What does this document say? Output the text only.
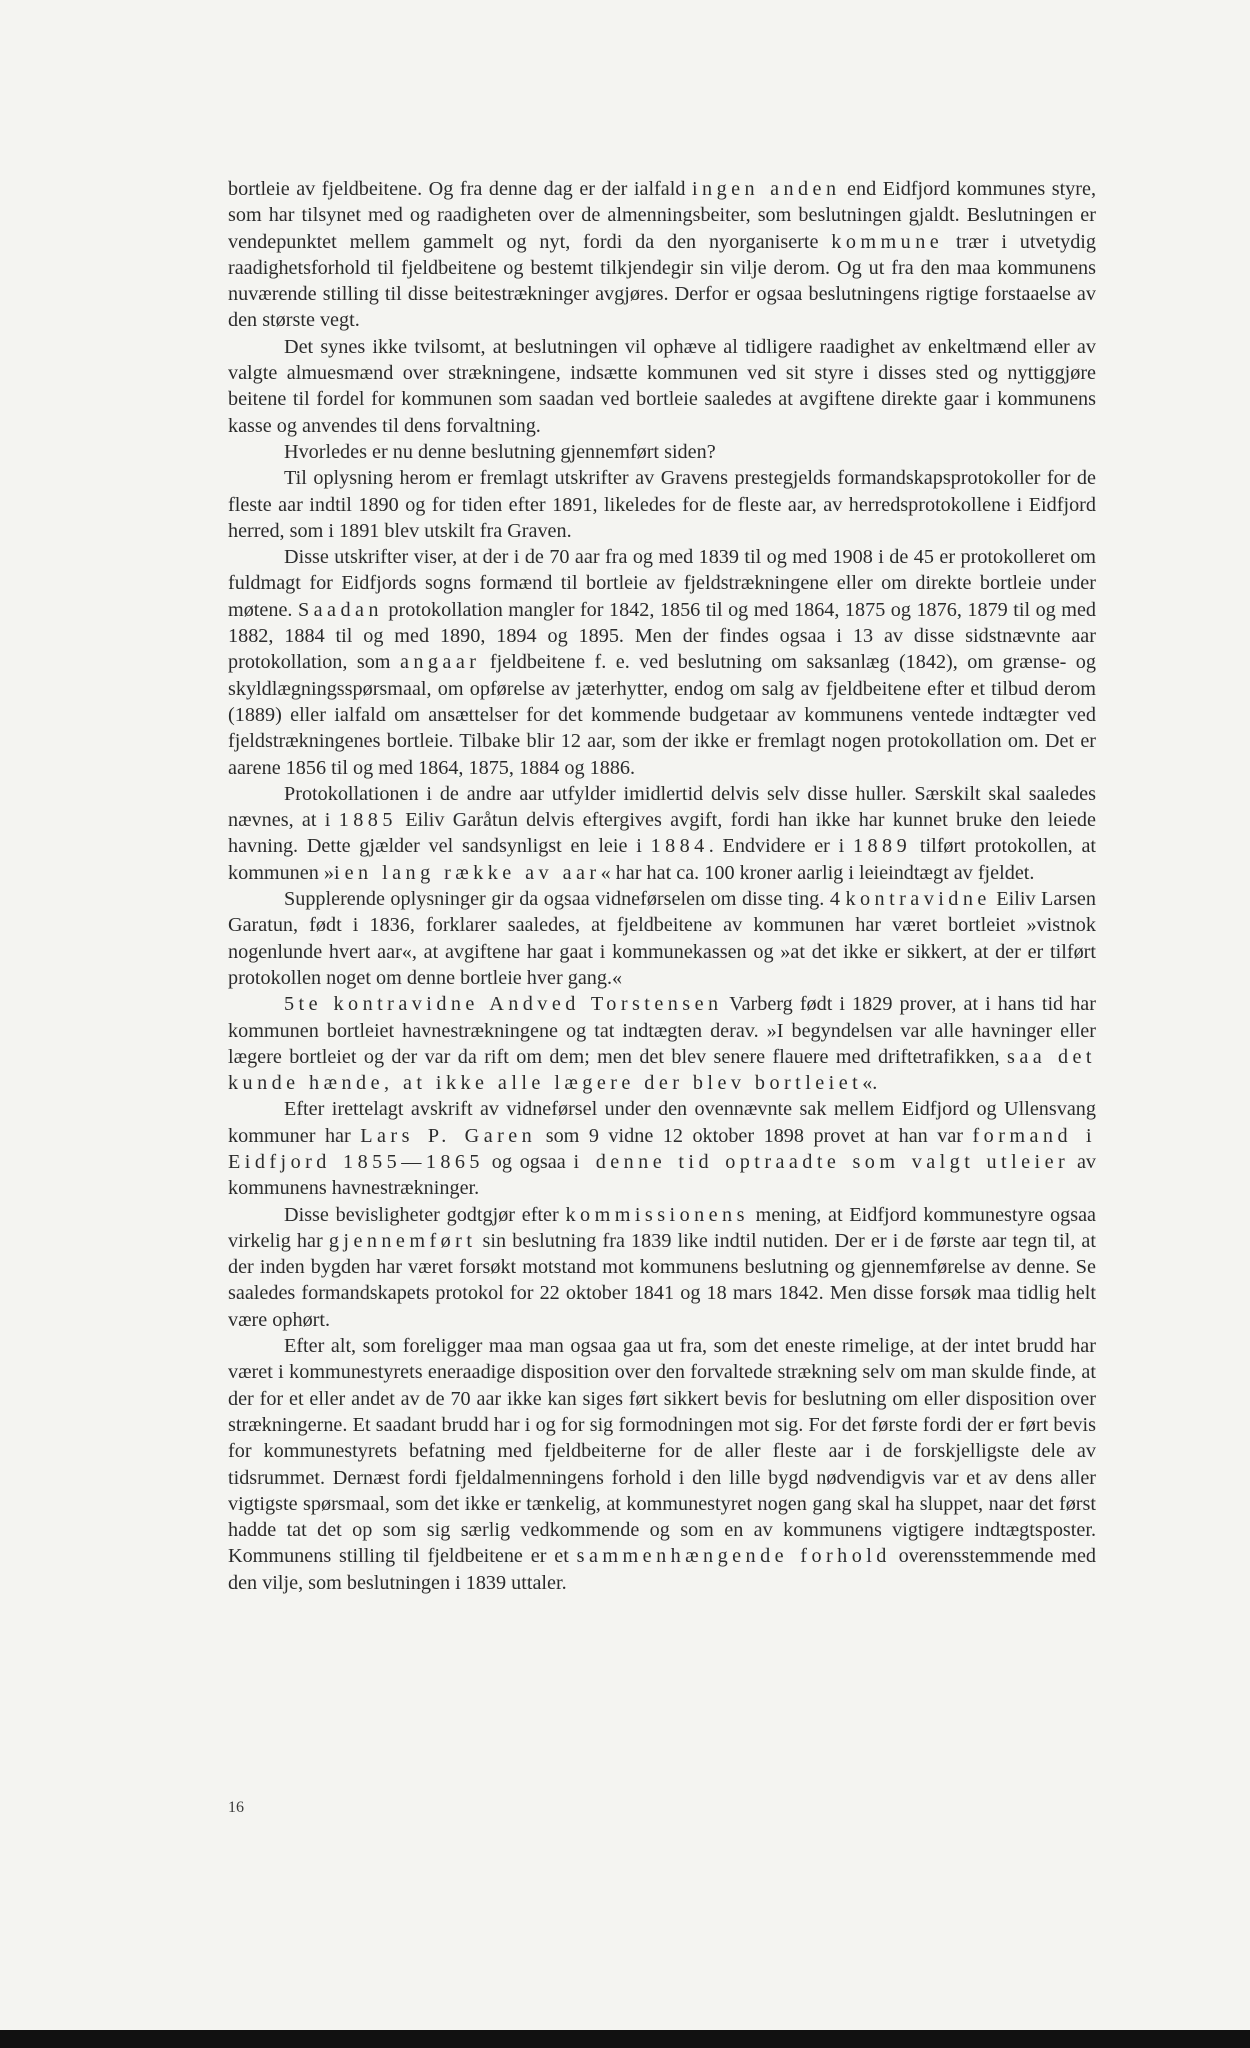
bortleie av fjeldbeitene. Og fra denne dag er der ialfald ingen anden end Eidfjord kommunes styre, som har tilsynet med og raadigheten over de almenningsbeiter, som beslutningen gjaldt. Beslutningen er vendepunktet mellem gammelt og nyt, fordi da den nyorganiserte kommune trær i utvetydig raadighetsforhold til fjeldbeitene og bestemt tilkjendegir sin vilje derom. Og ut fra den maa kommunens nuværende stilling til disse beitestrækninger avgjøres. Derfor er ogsaa beslutningens rigtige forstaaelse av den største vegt.

Det synes ikke tvilsomt, at beslutningen vil ophæve al tidligere raadighet av enkeltmænd eller av valgte almuesmænd over strækningene, indsætte kommunen ved sit styre i disses sted og nyttiggjøre beitene til fordel for kommunen som saadan ved bortleie saaledes at avgiftene direkte gaar i kommunens kasse og anvendes til dens forvaltning.

Hvorledes er nu denne beslutning gjennemført siden?

Til oplysning herom er fremlagt utskrifter av Gravens prestegjelds formandskapsprotokoller for de fleste aar indtil 1890 og for tiden efter 1891, likeledes for de fleste aar, av herredsprotokollene i Eidfjord herred, som i 1891 blev utskilt fra Graven.

Disse utskrifter viser, at der i de 70 aar fra og med 1839 til og med 1908 i de 45 er protokolleret om fuldmagt for Eidfjords sogns formænd til bortleie av fjeldstrækningene eller om direkte bortleie under møtene. Saadan protokollation mangler for 1842, 1856 til og med 1864, 1875 og 1876, 1879 til og med 1882, 1884 til og med 1890, 1894 og 1895. Men der findes ogsaa i 13 av disse sidstnævnte aar protokollation, som angaar fjeldbeitene f. e. ved beslutning om saksanlæg (1842), om grænse- og skyldlægningsspørsmaal, om opførelse av jæterhytter, endog om salg av fjeldbeitene efter et tilbud derom (1889) eller ialfald om ansættelser for det kommende budgetaar av kommunens ventede indtægter ved fjeldstrækningenes bortleie. Tilbake blir 12 aar, som der ikke er fremlagt nogen protokollation om. Det er aarene 1856 til og med 1864, 1875, 1884 og 1886.

Protokollationen i de andre aar utfylder imidlertid delvis selv disse huller. Særskilt skal saaledes nævnes, at i 1885 Eiliv Garåtun delvis eftergives avgift, fordi han ikke har kunnet bruke den leiede havning. Dette gjælder vel sandsynligst en leie i 1884. Endvidere er i 1889 tilført protokollen, at kommunen »i en lang række av aar« har hat ca. 100 kroner aarlig i leieindtægt av fjeldet.

Supplerende oplysninger gir da ogsaa vidneførselen om disse ting. 4 kontravidne Eiliv Larsen Garatun, født i 1836, forklarer saaledes, at fjeldbeitene av kommunen har været bortleiet »vistnok nogenlunde hvert aar«, at avgiftene har gaat i kommunekassen og »at det ikke er sikkert, at der er tilført protokollen noget om denne bortleie hver gang.«

5te kontravidne Andved Torstensen Varberg født i 1829 prover, at i hans tid har kommunen bortleiet havnestrækningene og tat indtægten derav. »I begyndelsen var alle havninger eller lægere bortleiet og der var da rift om dem; men det blev senere flauere med driftetrafikken, saa det kunde hænde, at ikke alle lægere der blev bortleiet«.

Efter irettelagt avskrift av vidneførsel under den ovennævnte sak mellem Eidfjord og Ullensvang kommuner har Lars P. Garen som 9 vidne 12 oktober 1898 provet at han var formand i Eidfjord 1855—1865 og ogsaa i denne tid optraadte som valgt utleier av kommunens havnestrækninger.

Disse bevisligheter godtgjør efter kommissionens mening, at Eidfjord kommunestyre ogsaa virkelig har gjennemført sin beslutning fra 1839 like indtil nutiden. Der er i de første aar tegn til, at der inden bygden har været forsøkt motstand mot kommunens beslutning og gjennemførelse av denne. Se saaledes formandskapets protokol for 22 oktober 1841 og 18 mars 1842. Men disse forsøk maa tidlig helt være ophørt.

Efter alt, som foreligger maa man ogsaa gaa ut fra, som det eneste rimelige, at der intet brudd har været i kommunestyrets eneraadige disposition over den forvaltede strækning selv om man skulde finde, at der for et eller andet av de 70 aar ikke kan siges ført sikkert bevis for beslutning om eller disposition over strækningerne. Et saadant brudd har i og for sig formodningen mot sig. For det første fordi der er ført bevis for kommunestyrets befatning med fjeldbeiterne for de aller fleste aar i de forskjelligste dele av tidsrummet. Dernæst fordi fjeldalmenningens forhold i den lille bygd nødvendigvis var et av dens aller vigtigste spørsmaal, som det ikke er tænkelig, at kommunestyret nogen gang skal ha sluppet, naar det først hadde tat det op som sig særlig vedkommende og som en av kommunens vigtigere indtægtsposter. Kommunens stilling til fjeldbeitene er et sammenhængende forhold overensstemmende med den vilje, som beslutningen i 1839 uttaler.

16
